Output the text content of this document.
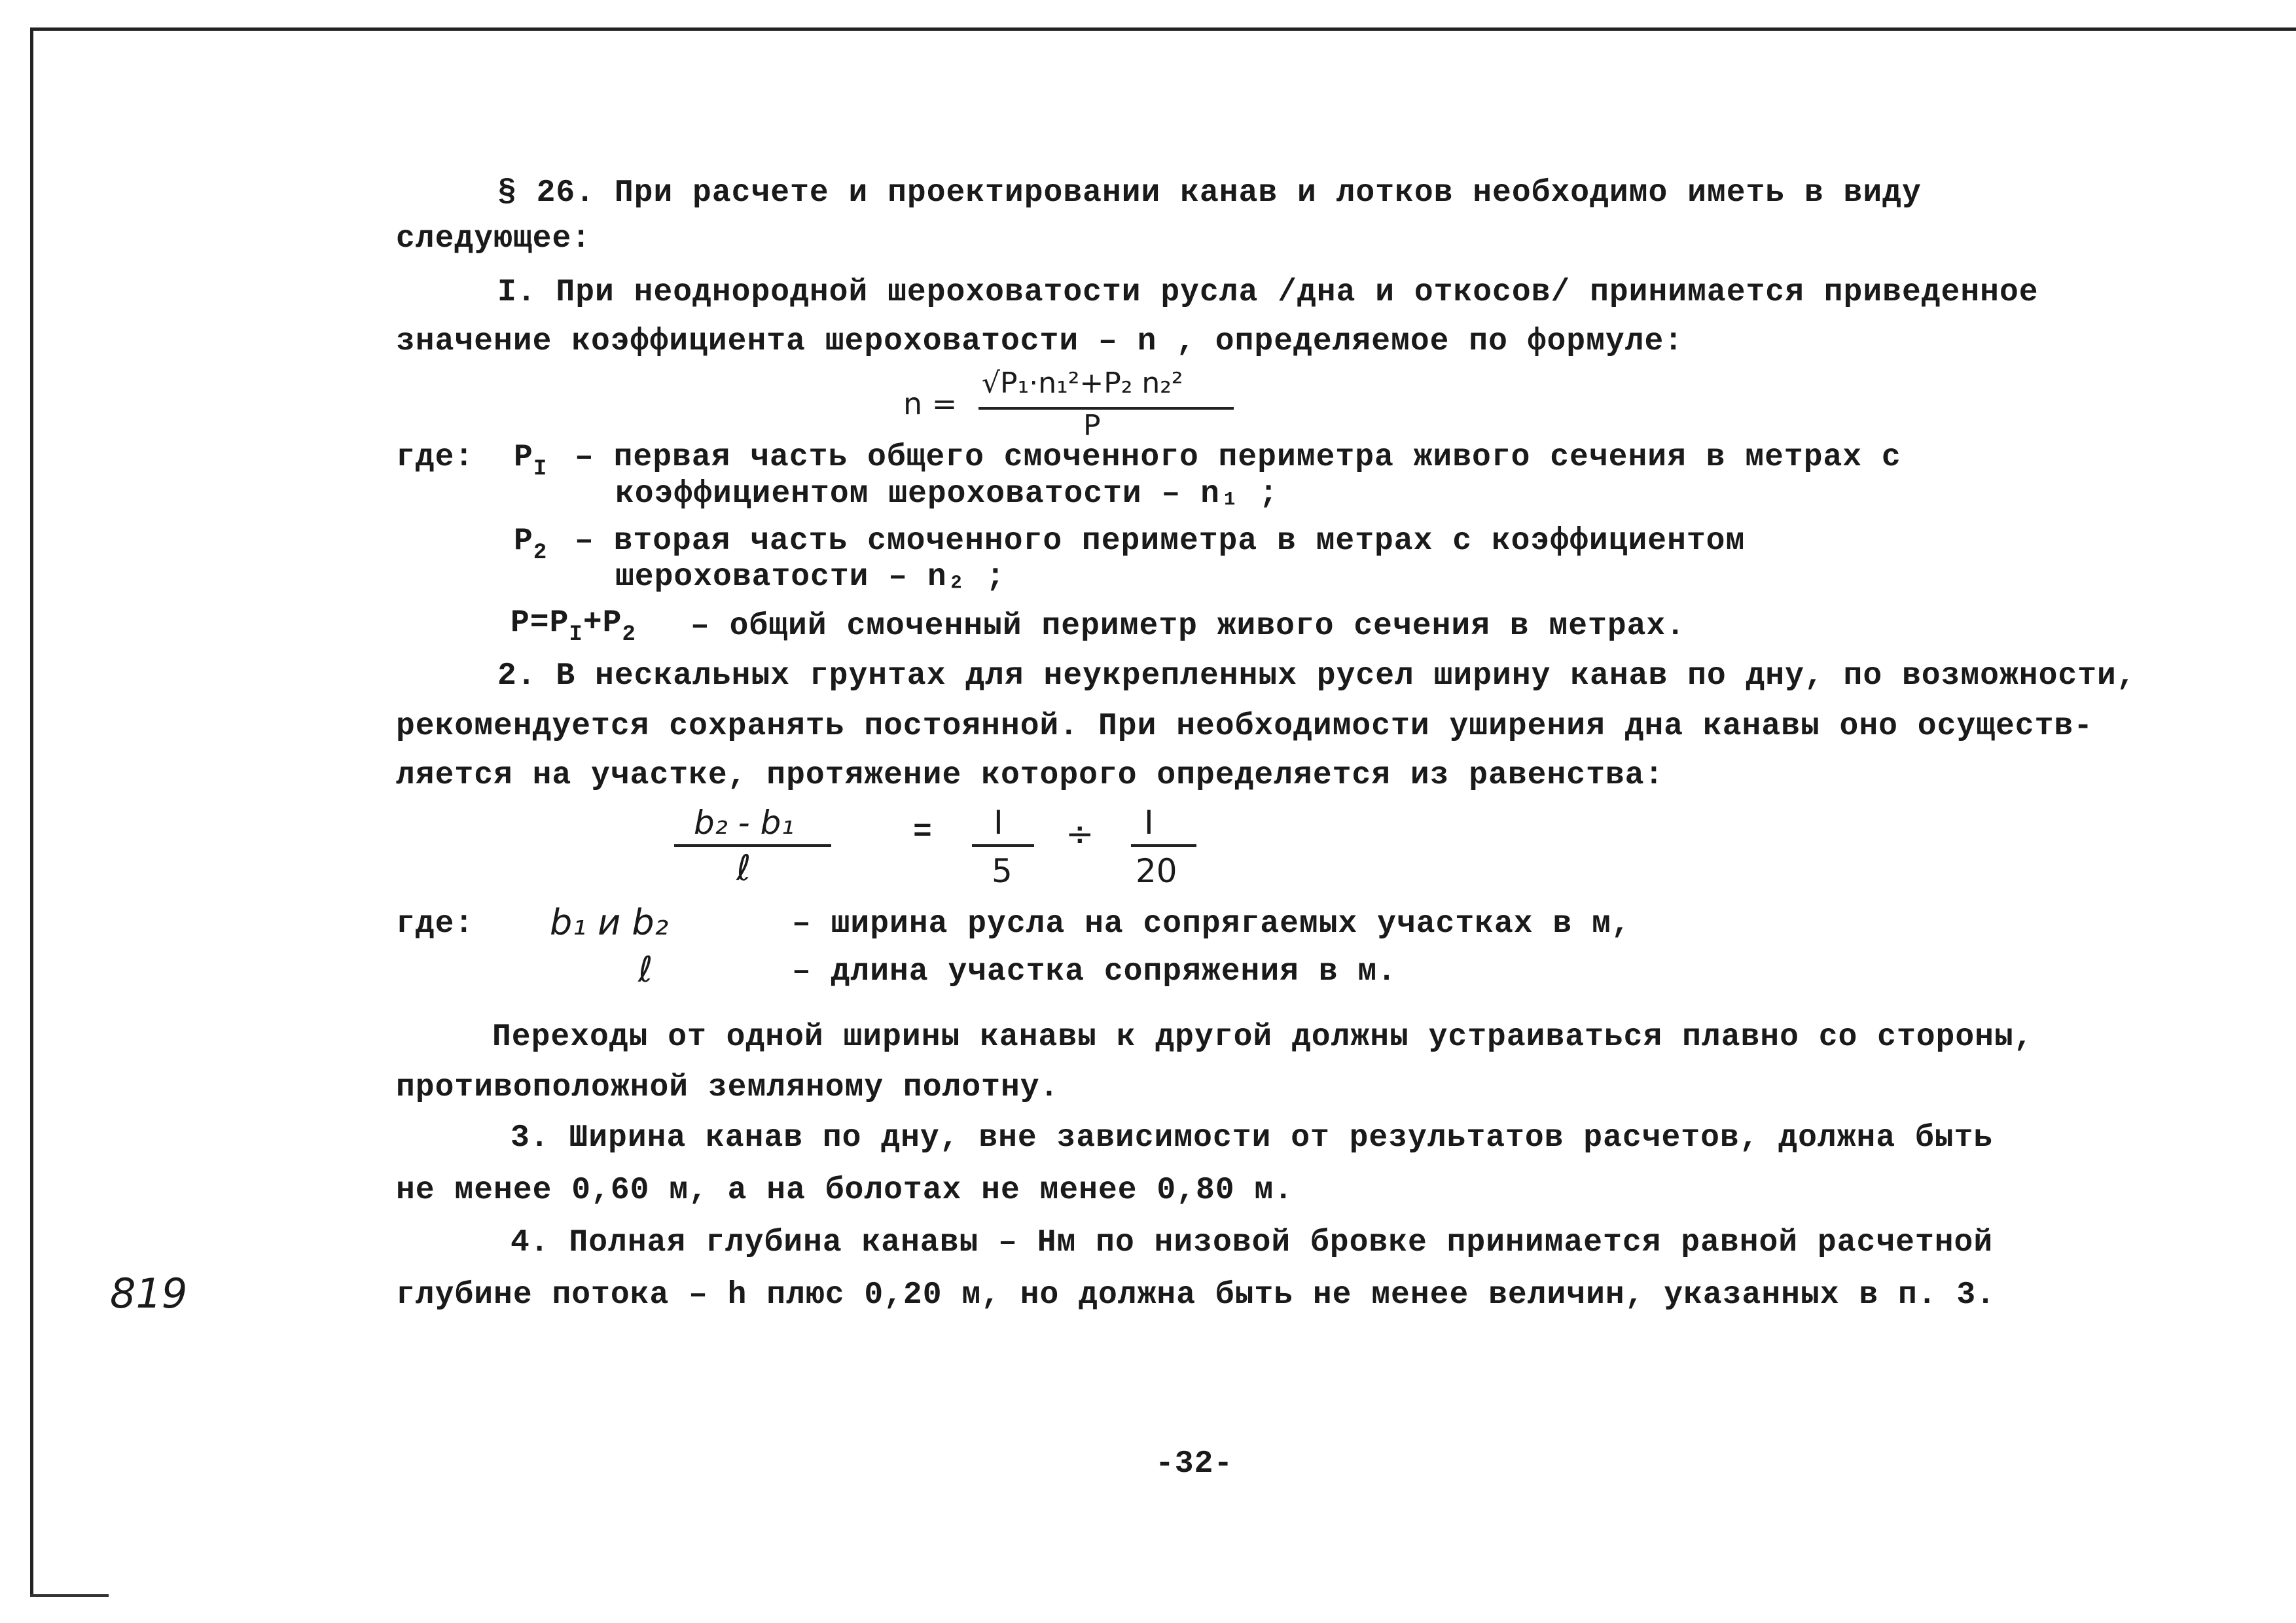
§ 26. При расчете и проектировании канав и лотков необходимо иметь в виду
следующее:
I. При неоднородной шероховатости русла /дна и откосов/ принимается приведенное
значение коэффициента шероховатости – n , определяемое по формуле:
n =
√P₁·n₁²+P₂ n₂²
P
где: $P_I$ – первая часть общего смоченного периметра живого сечения в метрах с
коэффициентом шероховатости – n₁ ;
$P_2$ – вторая часть смоченного периметра в метрах с коэффициентом
шероховатости – n₂ ;
$P=P_I+P_2$ – общий смоченный периметр живого сечения в метрах.
2. В нескальных грунтах для неукрепленных русел ширину канав по дну, по возможности,
рекомендуется сохранять постоянной. При необходимости уширения дна канавы оно осуществ-
ляется на участке, протяжение которого определяется из равенства:
b₂ - b₁
ℓ
= I
5
÷ I
20
где: b₁ и b₂	– ширина русла на сопрягаемых участках в м,
ℓ	– длина участка сопряжения в м.
Переходы от одной ширины канавы к другой должны устраиваться плавно со стороны,
противоположной земляному полотну.
3. Ширина канав по дну, вне зависимости от результатов расчетов, должна быть
не менее 0,60 м, а на болотах не менее 0,80 м.
4. Полная глубина канавы – Нм по низовой бровке принимается равной расчетной
глубине потока – h плюс 0,20 м, но должна быть не менее величин, указанных в п. 3.
819
-32-
